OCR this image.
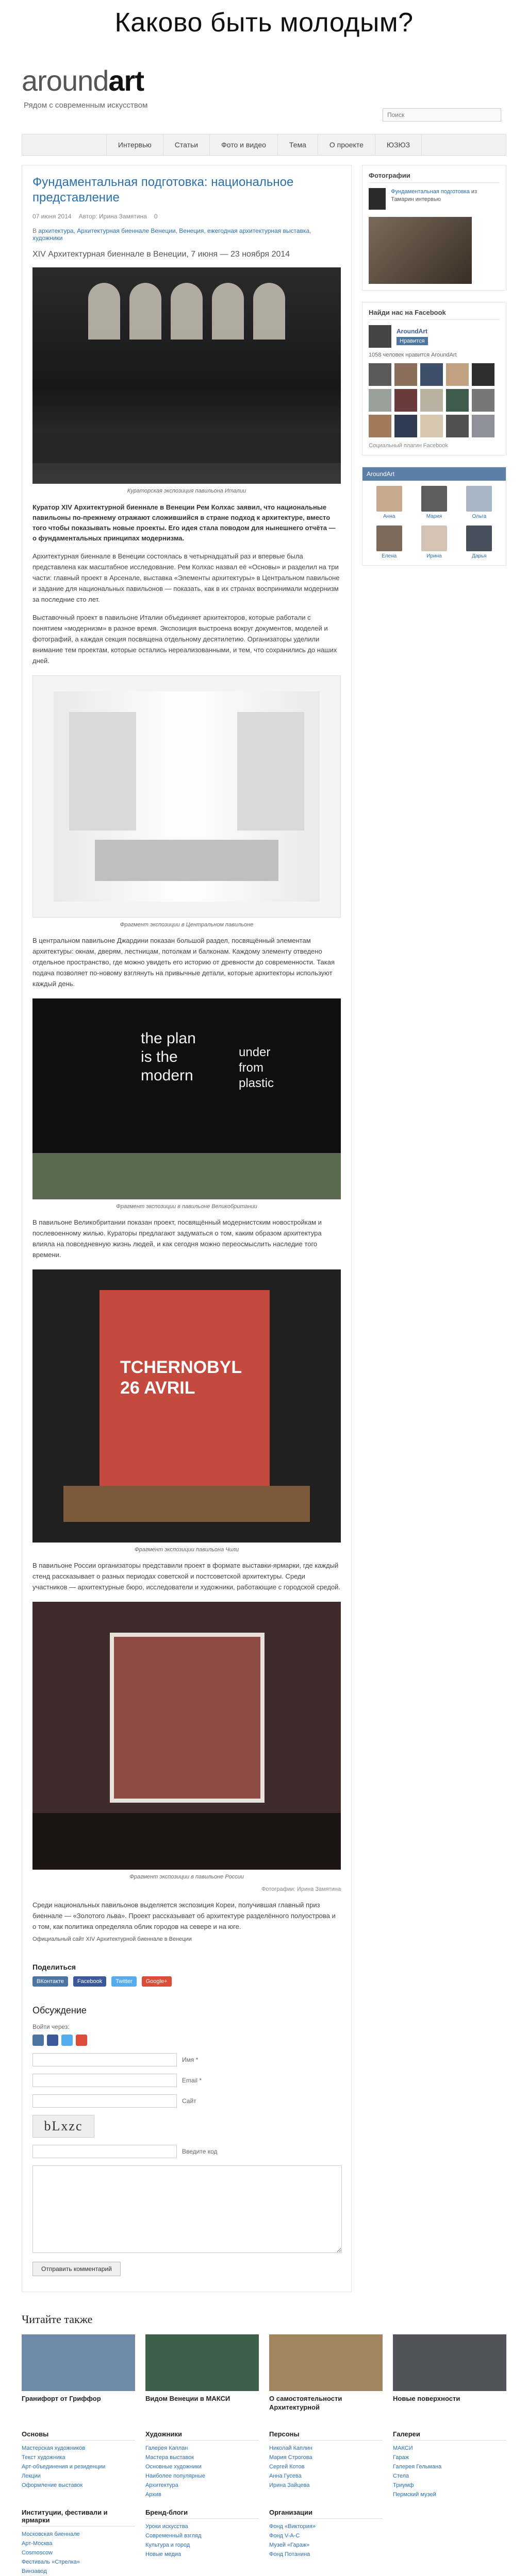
Каково быть молодым?
aroundart
Рядом с современным искусством
Поиск
Интервью	Статьи	Фото и видео	Тема	О проекте	ЮЗЮЗ
Фундаментальная подготовка: национальное представление
07 июня 2014 Автор: Ирина Замятина 0
В архитектура, Архитектурная биеннале Венеции, Венеция, ежегодная архитектурная выставка, художники
XIV Архитектурная биеннале в Венеции, 7 июня — 23 ноября 2014
Кураторская экспозиция павильона Италии
Куратор XIV Архитектурной биеннале в Венеции Рем Колхас заявил, что национальные павильоны по-прежнему отражают сложившийся в стране подход к архитектуре, вместо того чтобы показывать новые проекты. Его идея стала поводом для нынешнего отчёта — о фундаментальных принципах модернизма.

Архитектурная биеннале в Венеции состоялась в четырнадцатый раз и впервые была представлена как масштабное исследование. Рем Колхас назвал её «Основы» и разделил на три части: главный проект в Арсенале, выставка «Элементы архитектуры» в Центральном павильоне и задание для национальных павильонов — показать, как в их странах воспринимали модернизм за последние сто лет.

Выставочный проект в павильоне Италии объединяет архитекторов, которые работали с понятием «модернизм» в разное время. Экспозиция выстроена вокруг документов, моделей и фотографий, а каждая секция посвящена отдельному десятилетию. Организаторы уделили внимание тем проектам, которые остались нереализованными, и тем, что сохранились до наших дней.

Фрагмент экспозиции в Центральном павильоне

В центральном павильоне Джардини показан большой раздел, посвящённый элементам архитектуры: окнам, дверям, лестницам, потолкам и балконам. Каждому элементу отведено отдельное пространство, где можно увидеть его историю от древности до современности. Такая подача позволяет по-новому взглянуть на привычные детали, которые архитекторы используют каждый день.

the plan
is the
modern
under
from
plastic
Фрагмент экспозиции в павильоне Великобритании

В павильоне Великобритании показан проект, посвящённый модернистским новостройкам и послевоенному жилью. Кураторы предлагают задуматься о том, каким образом архитектура влияла на повседневную жизнь людей, и как сегодня можно переосмыслить наследие того времени.

TCHERNOBYL
26 AVRIL
Фрагмент экспозиции павильона Чили

В павильоне России организаторы представили проект в формате выставки-ярмарки, где каждый стенд рассказывает о разных периодах советской и постсоветской архитектуры. Среди участников — архитектурные бюро, исследователи и художники, работающие с городской средой.

Фрагмент экспозиции в павильоне России
Фотографии: Ирина Замятина

Среди национальных павильонов выделяется экспозиция Кореи, получившая главный приз биеннале — «Золотого льва». Проект рассказывает об архитектуре разделённого полуострова и о том, как политика определяла облик городов на севере и на юге.

Официальный сайт XIV Архитектурной биеннале в Венеции
Поделиться
ВКонтакте	Facebook	Twitter	Google+
Обсуждение
Войти через:
Имя *
Email *
Сайт
bLxzc
Введите код
Отправить комментарий
Фотографии
Фундаментальная подготовка из Тамарин интервью
Найди нас на Facebook
AroundArt
Нравится
1058 человек нравится AroundArt
Социальный плагин Facebook
AroundArt
Анна	Мария	Ольга
Елена	Ирина	Дарья
Читайте также
Гранифорт от Гриффор	Видом Венеции в МАКСИ	О самостоятельности Архитектурной
Новые поверхности
Основы
Мастерская художников
Текст художника
Арт-объединения и резиденции
Лекции
Оформление выставок
Художники
Галерея Каплан
Мастера выставок
Основные художники
Наиболее популярные
Архитектура
Архив
Персоны
Николай Каплин
Мария Строгова
Сергей Котов
Анна Гусева
Ирина Зайцева
Галереи
МАКСИ
Гараж
Галерея Гельмана
Стела
Триумф
Пермский музей
Институции, фестивали и ярмарки
Московская биеннале
Арт-Москва
Cosmoscow
Фестиваль «Стрелка»
Винзавод
Бренд-блоги
Уроки искусства
Современный взгляд
Культура и город
Новые медиа
Организации
Фонд «Виктория»
Фонд V-A-C
Музей «Гараж»
Фонд Потанина
